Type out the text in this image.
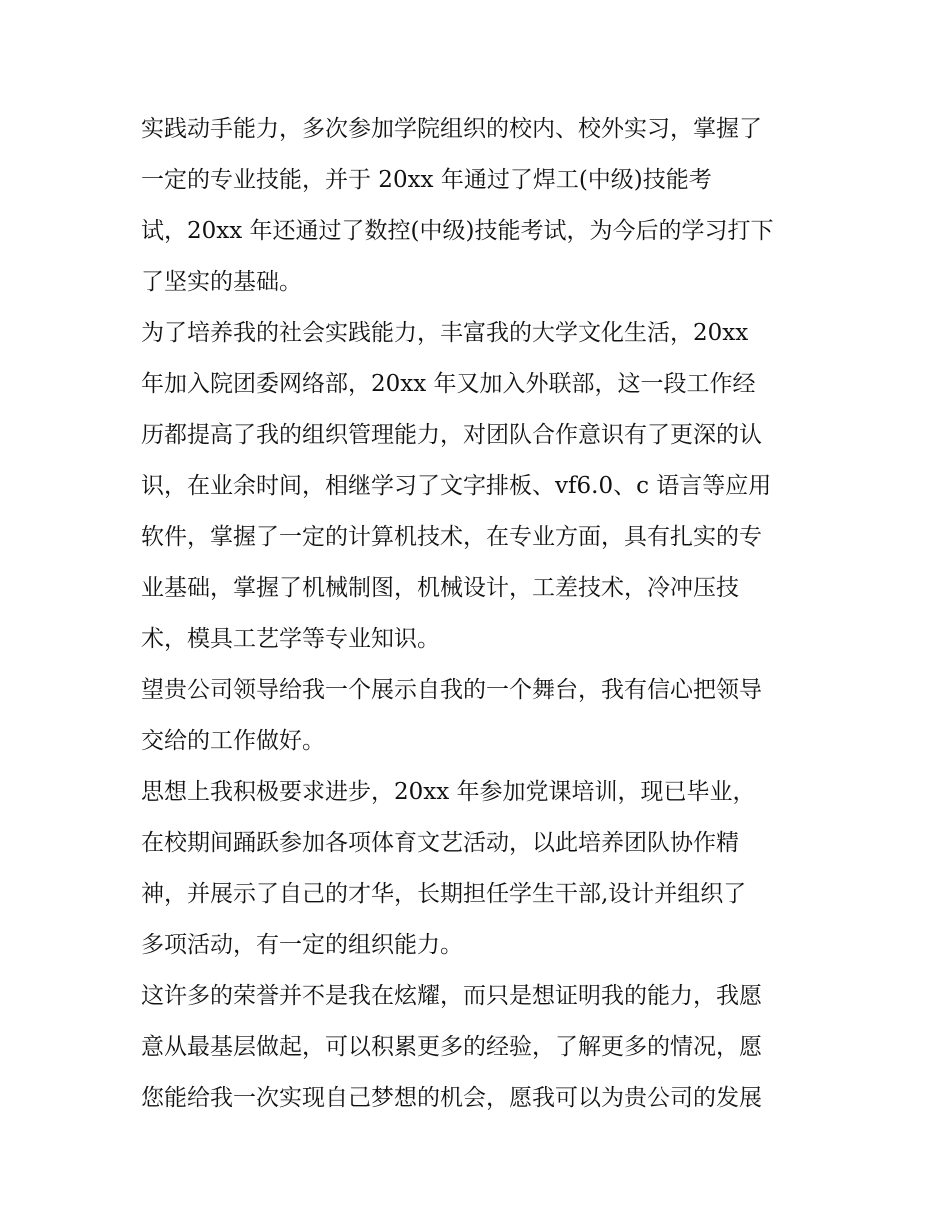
实践动手能力，多次参加学院组织的校内、校外实习，掌握了
一定的专业技能，并于 20xx 年通过了焊工(中级)技能考
试，20xx 年还通过了数控(中级)技能考试，为今后的学习打下
了坚实的基础。
为了培养我的社会实践能力，丰富我的大学文化生活，20xx
年加入院团委网络部，20xx 年又加入外联部，这一段工作经
历都提高了我的组织管理能力，对团队合作意识有了更深的认
识，在业余时间，相继学习了文字排板、vf6.0、c 语言等应用
软件，掌握了一定的计算机技术，在专业方面，具有扎实的专
业基础，掌握了机械制图，机械设计，工差技术，冷冲压技
术，模具工艺学等专业知识。
望贵公司领导给我一个展示自我的一个舞台，我有信心把领导
交给的工作做好。
思想上我积极要求进步，20xx 年参加党课培训，现已毕业，
在校期间踊跃参加各项体育文艺活动，以此培养团队协作精
神，并展示了自己的才华，长期担任学生干部,设计并组织了
多项活动，有一定的组织能力。
这许多的荣誉并不是我在炫耀，而只是想证明我的能力，我愿
意从最基层做起，可以积累更多的经验，了解更多的情况，愿
您能给我一次实现自己梦想的机会，愿我可以为贵公司的发展
